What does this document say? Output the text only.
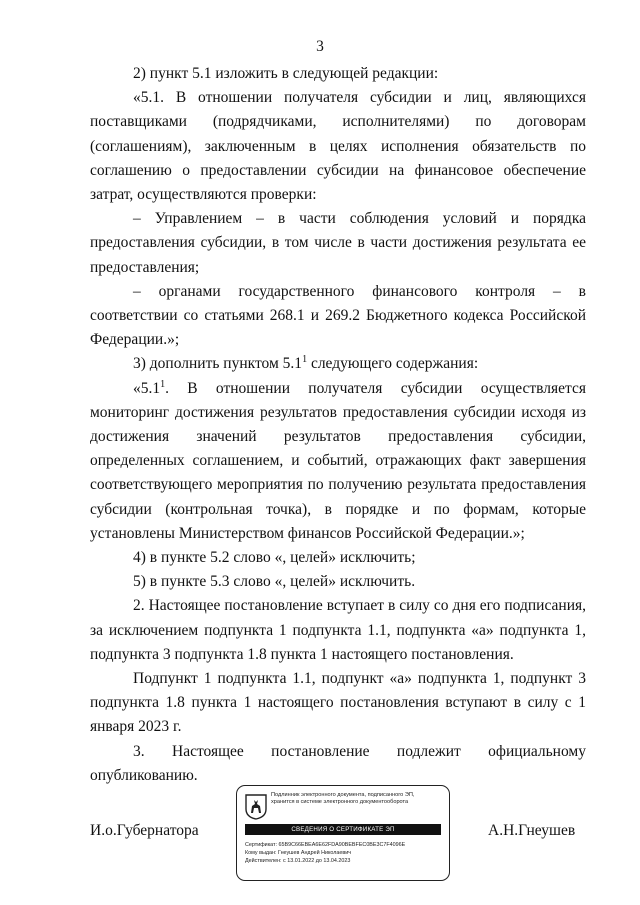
3

2) пункт 5.1 изложить в следующей редакции:

«5.1. В отношении получателя субсидии и лиц, являющихся поставщиками (подрядчиками, исполнителями) по договорам (соглашениям), заключенным в целях исполнения обязательств по соглашению о предоставлении субсидии на финансовое обеспечение затрат, осуществляются проверки:

– Управлением – в части соблюдения условий и порядка предоставления субсидии, в том числе в части достижения результата ее предоставления;

– органами государственного финансового контроля – в соответствии со статьями 268.1 и 269.2 Бюджетного кодекса Российской Федерации.»;

3) дополнить пунктом $5.1^1$ следующего содержания:

«$5.1^1$. В отношении получателя субсидии осуществляется мониторинг достижения результатов предоставления субсидии исходя из достижения значений результатов предоставления субсидии, определенных соглашением, и событий, отражающих факт завершения соответствующего мероприятия по получению результата предоставления субсидии (контрольная точка), в порядке и по формам, которые установлены Министерством финансов Российской Федерации.»;

4) в пункте 5.2 слово «, целей» исключить;

5) в пункте 5.3 слово «, целей» исключить.

2. Настоящее постановление вступает в силу со дня его подписания, за исключением подпункта 1 подпункта 1.1, подпункта «а» подпункта 1, подпункта 3 подпункта 1.8 пункта 1 настоящего постановления.

Подпункт 1 подпункта 1.1, подпункт «а» подпункта 1, подпункт 3 подпункта 1.8 пункта 1 настоящего постановления вступают в силу с 1 января 2023 г.

3. Настоящее постановление подлежит официальному опубликованию.

И.о.Губернатора	А.Н.Гнеушев
Подлинник электронного документа, подписанного ЭП,
хранится в системе электронного документооборота
СВЕДЕНИЯ О СЕРТИФИКАТЕ ЭП
Сертификат: 65B9C66EBEA6E62FDA90BEBFEC0BE3C7F4096E
Кому выдан: Гнеушев Андрей Николаевич
Действителен: с 13.01.2022 до 13.04.2023
